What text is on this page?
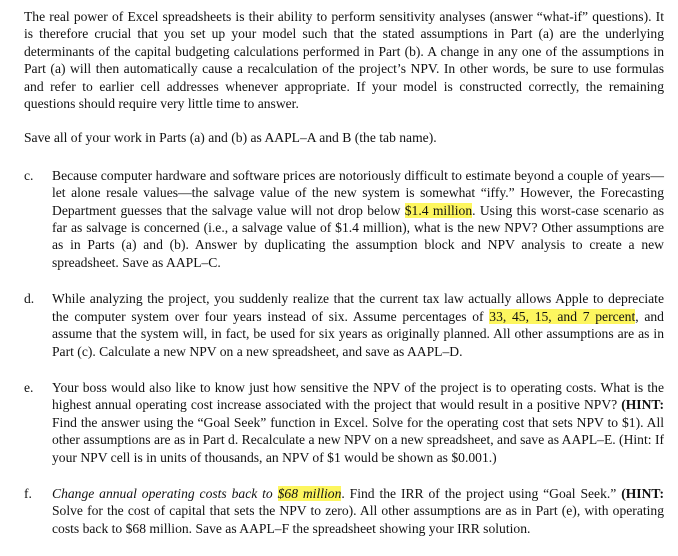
The real power of Excel spreadsheets is their ability to perform sensitivity analyses (answer “what-if” questions). It is therefore crucial that you set up your model such that the stated assumptions in Part (a) are the underlying determinants of the capital budgeting calculations performed in Part (b). A change in any one of the assumptions in Part (a) will then automatically cause a recalculation of the project’s NPV. In other words, be sure to use formulas and refer to earlier cell addresses whenever appropriate. If your model is constructed correctly, the remaining questions should require very little time to answer.

Save all of your work in Parts (a) and (b) as AAPL–A and B (the tab name).

c.	Because computer hardware and software prices are notoriously difficult to estimate beyond a couple of years—let alone resale values—the salvage value of the new system is somewhat “iffy.” However, the Forecasting Department guesses that the salvage value will not drop below $1.4 million. Using this worst-case scenario as far as salvage is concerned (i.e., a salvage value of $1.4 million), what is the new NPV? Other assumptions are as in Parts (a) and (b). Answer by duplicating the assumption block and NPV analysis to create a new spreadsheet. Save as AAPL–C.

d.	While analyzing the project, you suddenly realize that the current tax law actually allows Apple to depreciate the computer system over four years instead of six. Assume percentages of 33, 45, 15, and 7 percent, and assume that the system will, in fact, be used for six years as originally planned. All other assumptions are as in Part (c). Calculate a new NPV on a new spreadsheet, and save as AAPL–D.

e.	Your boss would also like to know just how sensitive the NPV of the project is to operating costs. What is the highest annual operating cost increase associated with the project that would result in a positive NPV? (HINT: Find the answer using the “Goal Seek” function in Excel. Solve for the operating cost that sets NPV to $1). All other assumptions are as in Part d. Recalculate a new NPV on a new spreadsheet, and save as AAPL–E. (Hint: If your NPV cell is in units of thousands, an NPV of $1 would be shown as $0.001.)

f.	Change annual operating costs back to $68 million. Find the IRR of the project using “Goal Seek.” (HINT: Solve for the cost of capital that sets the NPV to zero). All other assumptions are as in Part (e), with operating costs back to $68 million. Save as AAPL–F the spreadsheet showing your IRR solution.
